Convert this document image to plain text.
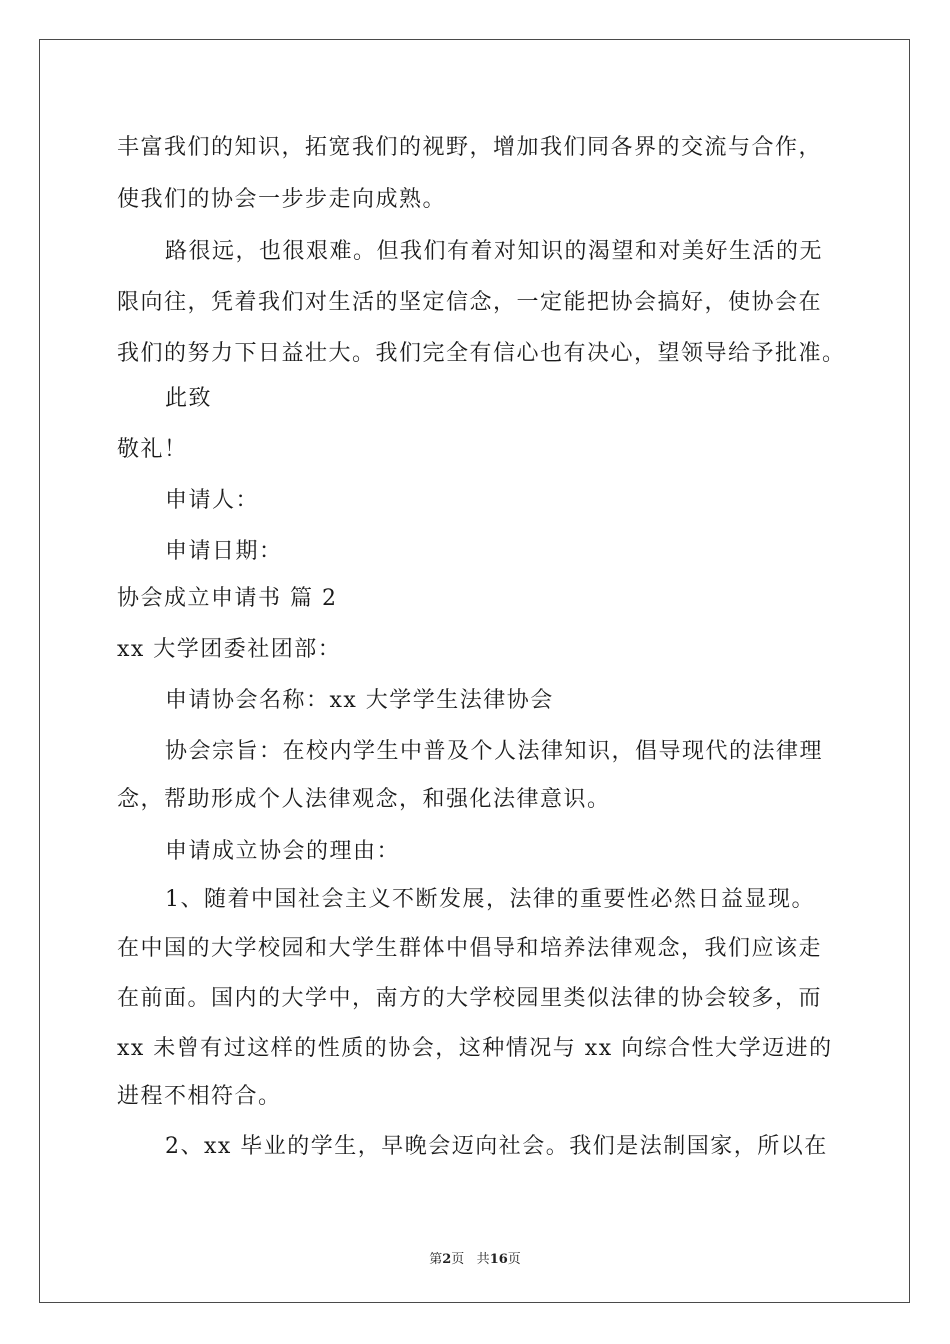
丰富我们的知识，拓宽我们的视野，增加我们同各界的交流与合作，
使我们的协会一步步走向成熟。
路很远，也很艰难。但我们有着对知识的渴望和对美好生活的无
限向往，凭着我们对生活的坚定信念，一定能把协会搞好，使协会在
我们的努力下日益壮大。我们完全有信心也有决心，望领导给予批准。
此致
敬礼！
申请人：
申请日期：
协会成立申请书 篇 2
xx 大学团委社团部：
申请协会名称：xx 大学学生法律协会
协会宗旨：在校内学生中普及个人法律知识，倡导现代的法律理
念，帮助形成个人法律观念，和强化法律意识。
申请成立协会的理由：
1、随着中国社会主义不断发展，法律的重要性必然日益显现。
在中国的大学校园和大学生群体中倡导和培养法律观念，我们应该走
在前面。国内的大学中，南方的大学校园里类似法律的协会较多，而
xx 未曾有过这样的性质的协会，这种情况与 xx 向综合性大学迈进的
进程不相符合。
2、xx 毕业的学生，早晚会迈向社会。我们是法制国家，所以在
第2页 共16页
